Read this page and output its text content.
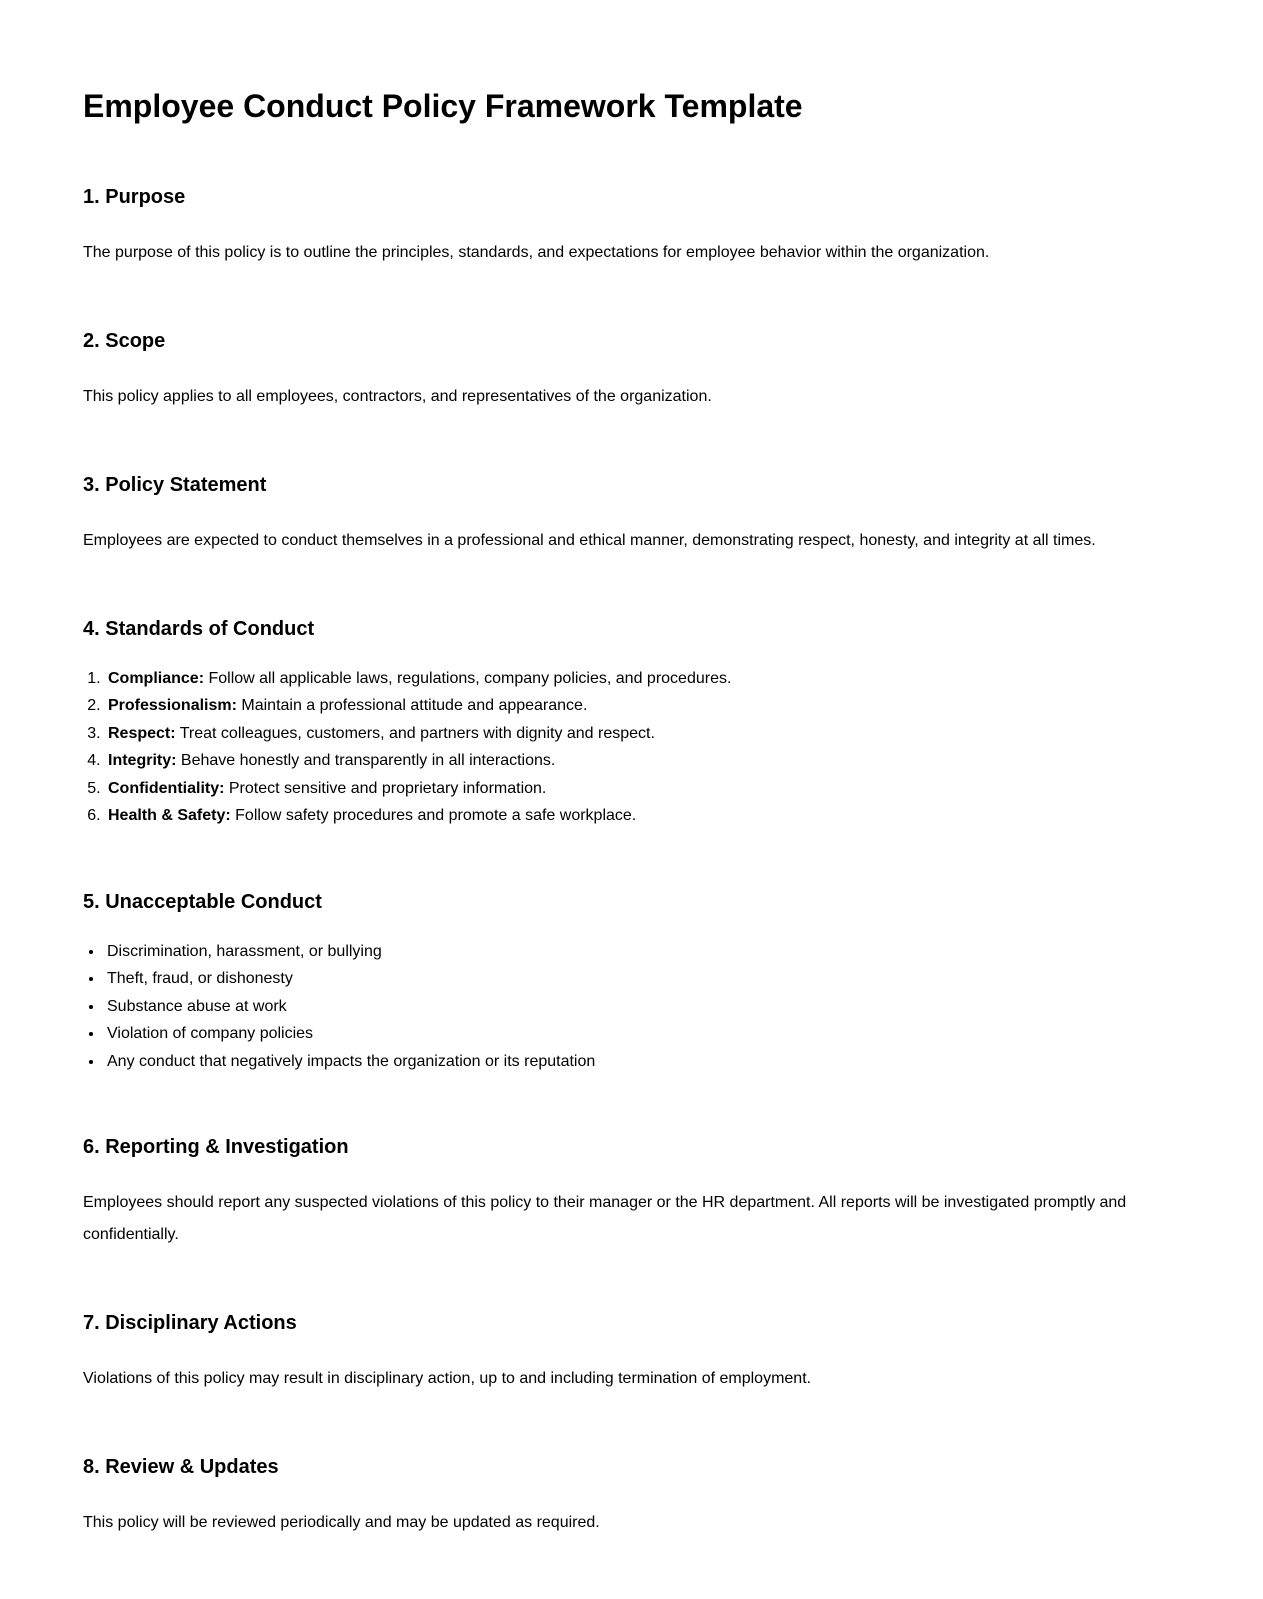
Employee Conduct Policy Framework Template
1. Purpose

The purpose of this policy is to outline the principles, standards, and expectations for employee behavior within the organization.

2. Scope

This policy applies to all employees, contractors, and representatives of the organization.

3. Policy Statement

Employees are expected to conduct themselves in a professional and ethical manner, demonstrating respect, honesty, and integrity at all times.

4. Standards of Conduct
1. Compliance: Follow all applicable laws, regulations, company policies, and procedures.
2. Professionalism: Maintain a professional attitude and appearance.
3. Respect: Treat colleagues, customers, and partners with dignity and respect.
4. Integrity: Behave honestly and transparently in all interactions.
5. Confidentiality: Protect sensitive and proprietary information.
6. Health & Safety: Follow safety procedures and promote a safe workplace.
5. Unacceptable Conduct
• Discrimination, harassment, or bullying
• Theft, fraud, or dishonesty
• Substance abuse at work
• Violation of company policies
• Any conduct that negatively impacts the organization or its reputation
6. Reporting & Investigation

Employees should report any suspected violations of this policy to their manager or the HR department. All reports will be investigated promptly and confidentially.

7. Disciplinary Actions

Violations of this policy may result in disciplinary action, up to and including termination of employment.

8. Review & Updates

This policy will be reviewed periodically and may be updated as required.
